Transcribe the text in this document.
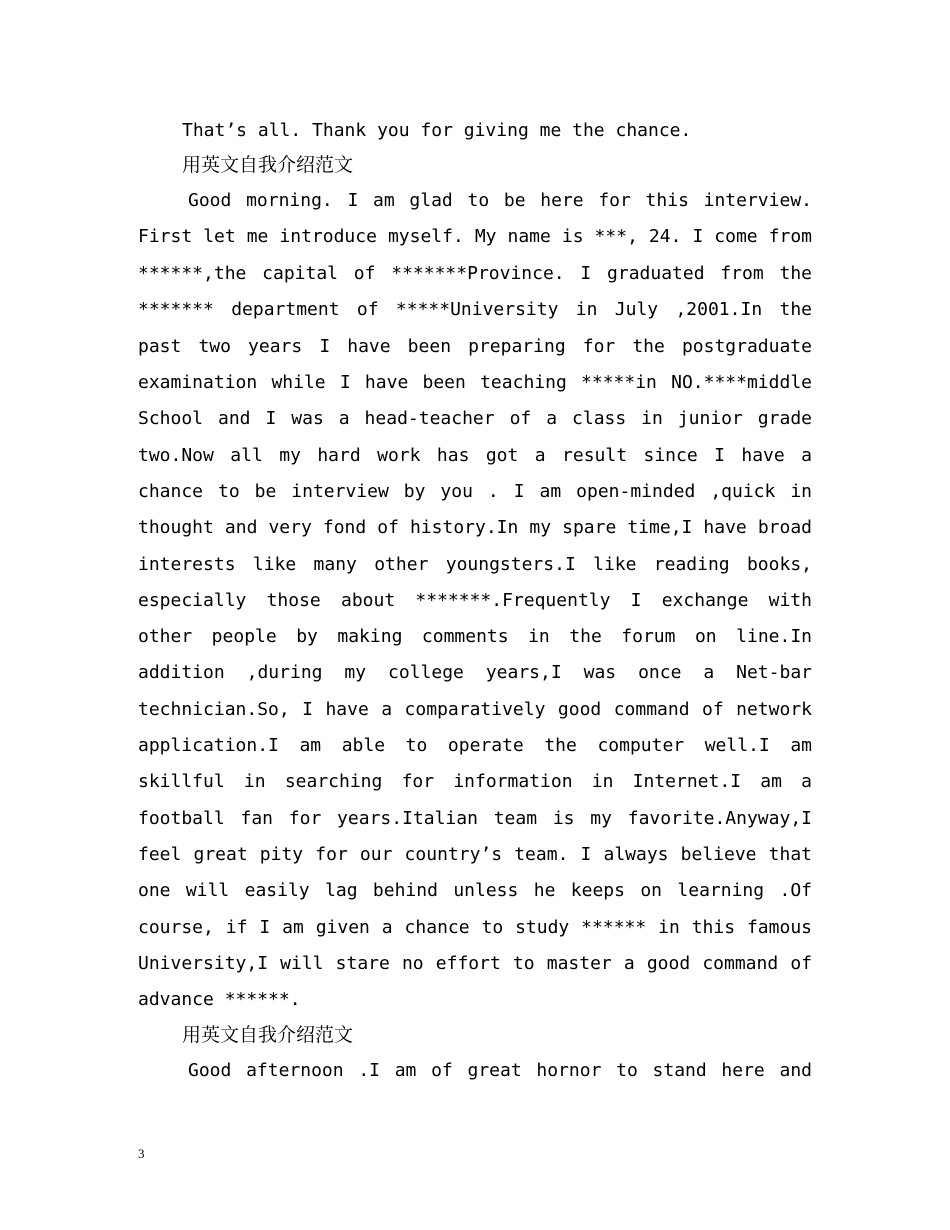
That’s all. Thank you for giving me the chance.
用英文自我介绍范文
Good morning. I am glad to be here for this interview.
First let me introduce myself. My name is ***, 24. I come from
******,the capital of *******Province. I graduated from the
******* department of *****University in July ,2001.In the
past two years I have been preparing for the postgraduate
examination while I have been teaching *****in NO.****middle
School and I was a head-teacher of a class in junior grade
two.Now all my hard work has got a result since I have a
chance to be interview by you . I am open-minded ,quick in
thought and very fond of history.In my spare time,I have broad
interests like many other youngsters.I like reading books,
especially those about *******.Frequently I exchange with
other people by making comments in the forum on line.In
addition ,during my college years,I was once a Net-bar
technician.So, I have a comparatively good command of network
application.I am able to operate the computer well.I am
skillful in searching for information in Internet.I am a
football fan for years.Italian team is my favorite.Anyway,I
feel great pity for our country’s team. I always believe that
one will easily lag behind unless he keeps on learning .Of
course, if I am given a chance to study ****** in this famous
University,I will stare no effort to master a good command of
advance ******.
用英文自我介绍范文
Good afternoon .I am of great hornor to stand here and
3
